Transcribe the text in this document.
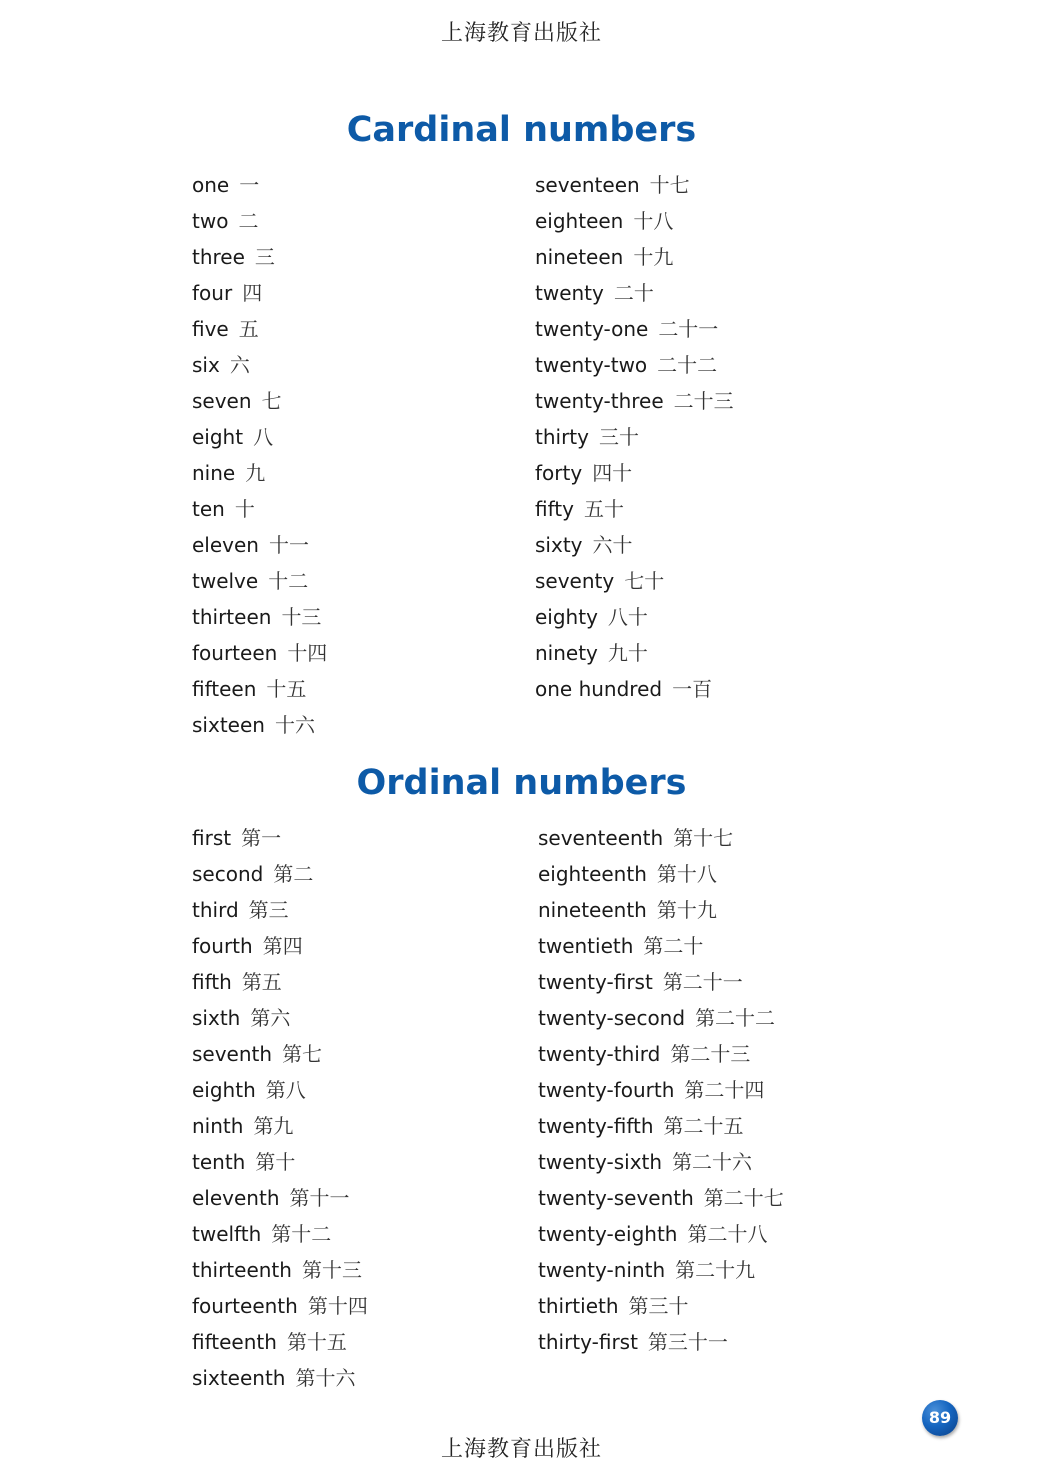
上海教育出版社
Cardinal numbers
one 一
two 二
three 三
four 四
five 五
six 六
seven 七
eight 八
nine 九
ten 十
eleven 十一
twelve 十二
thirteen 十三
fourteen 十四
fifteen 十五
sixteen 十六
seventeen 十七
eighteen 十八
nineteen 十九
twenty 二十
twenty-one 二十一
twenty-two 二十二
twenty-three 二十三
thirty 三十
forty 四十
fifty 五十
sixty 六十
seventy 七十
eighty 八十
ninety 九十
one hundred 一百
Ordinal numbers
first 第一
second 第二
third 第三
fourth 第四
fifth 第五
sixth 第六
seventh 第七
eighth 第八
ninth 第九
tenth 第十
eleventh 第十一
twelfth 第十二
thirteenth 第十三
fourteenth 第十四
fifteenth 第十五
sixteenth 第十六
seventeenth 第十七
eighteenth 第十八
nineteenth 第十九
twentieth 第二十
twenty-first 第二十一
twenty-second 第二十二
twenty-third 第二十三
twenty-fourth 第二十四
twenty-fifth 第二十五
twenty-sixth 第二十六
twenty-seventh 第二十七
twenty-eighth 第二十八
twenty-ninth 第二十九
thirtieth 第三十
thirty-first 第三十一
89
上海教育出版社
